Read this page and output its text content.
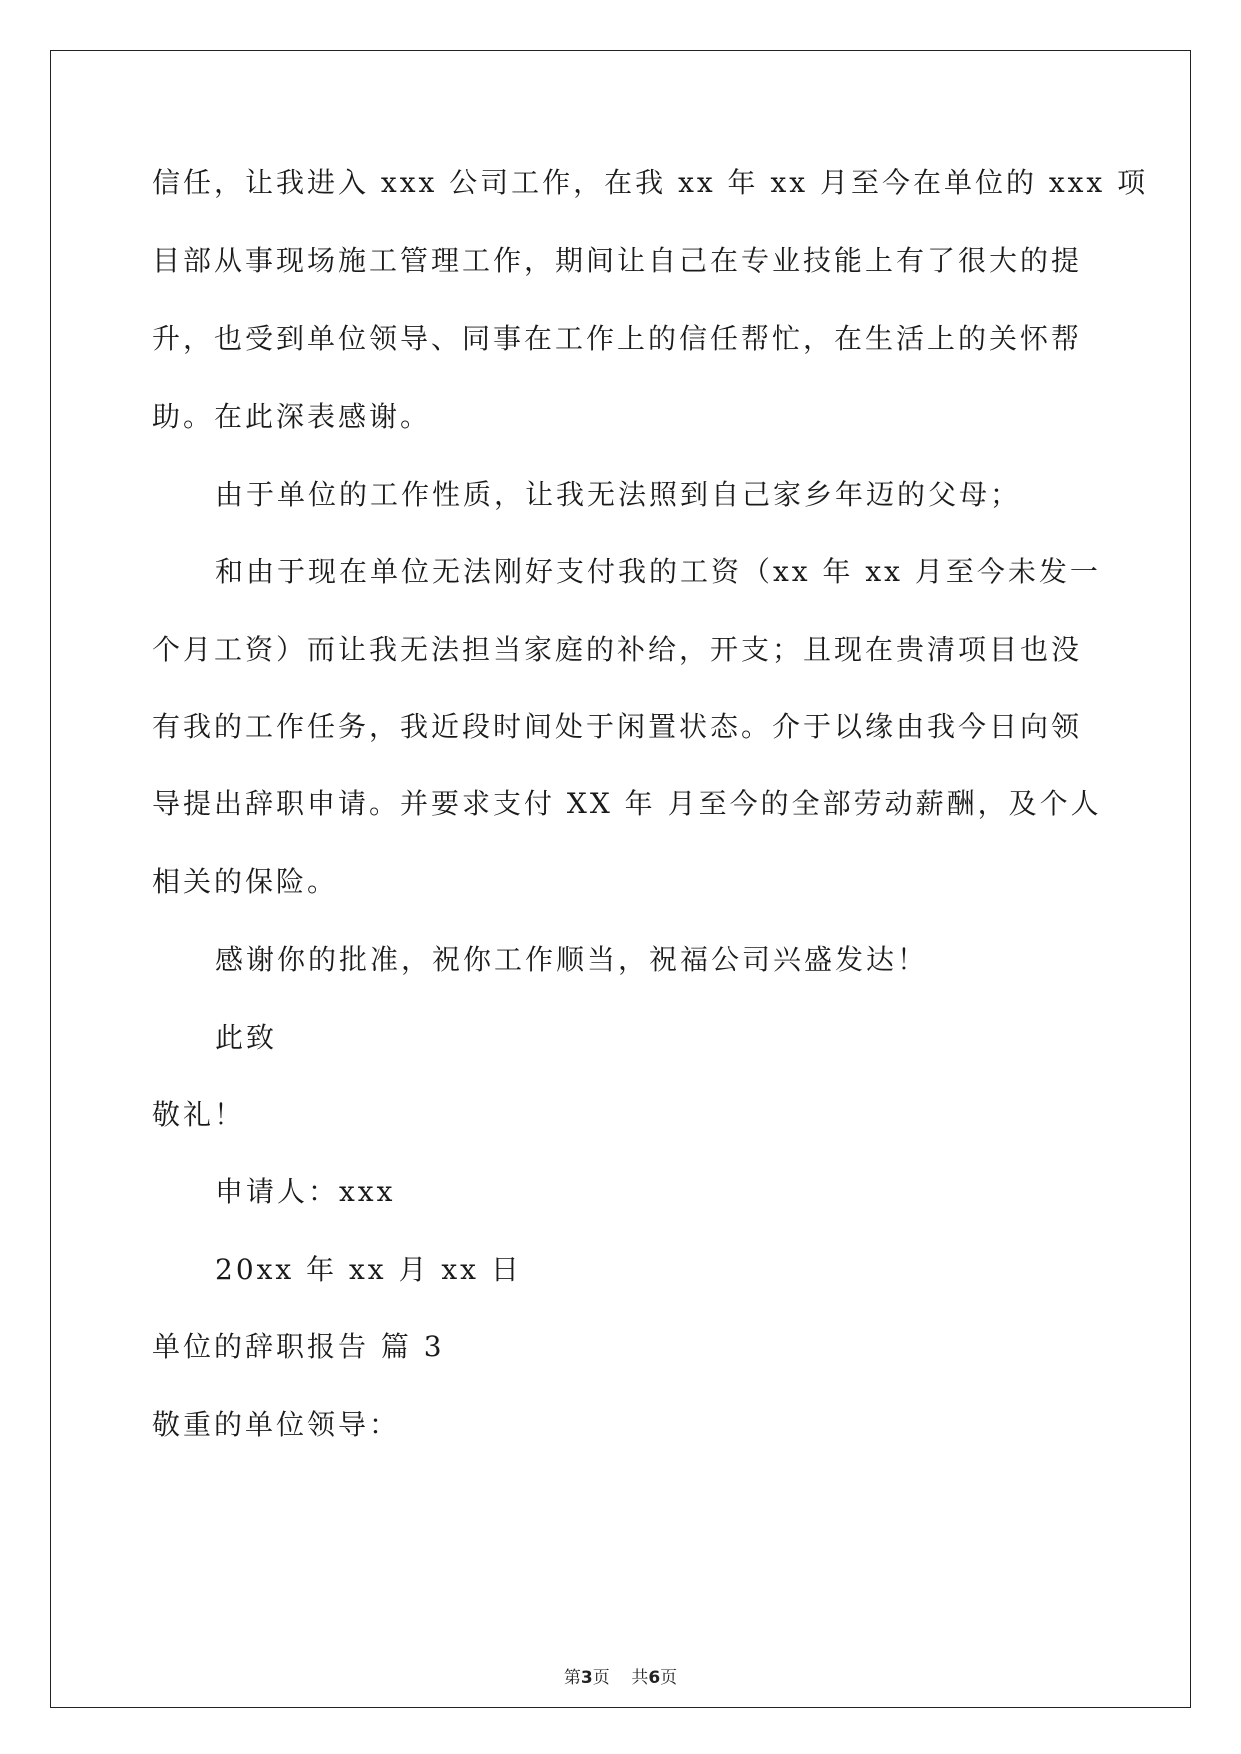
信任，让我进入 xxx 公司工作，在我 xx 年 xx 月至今在单位的 xxx 项
目部从事现场施工管理工作，期间让自己在专业技能上有了很大的提
升，也受到单位领导、同事在工作上的信任帮忙，在生活上的关怀帮
助。在此深表感谢。
由于单位的工作性质，让我无法照到自己家乡年迈的父母；
和由于现在单位无法刚好支付我的工资（xx 年 xx 月至今未发一
个月工资）而让我无法担当家庭的补给，开支；且现在贵清项目也没
有我的工作任务，我近段时间处于闲置状态。介于以缘由我今日向领
导提出辞职申请。并要求支付 XX 年 月至今的全部劳动薪酬，及个人
相关的保险。
感谢你的批准，祝你工作顺当，祝福公司兴盛发达！
此致
敬礼！
申请人：xxx
20xx 年 xx 月 xx 日
单位的辞职报告 篇 3
敬重的单位领导：
第3页 共6页
